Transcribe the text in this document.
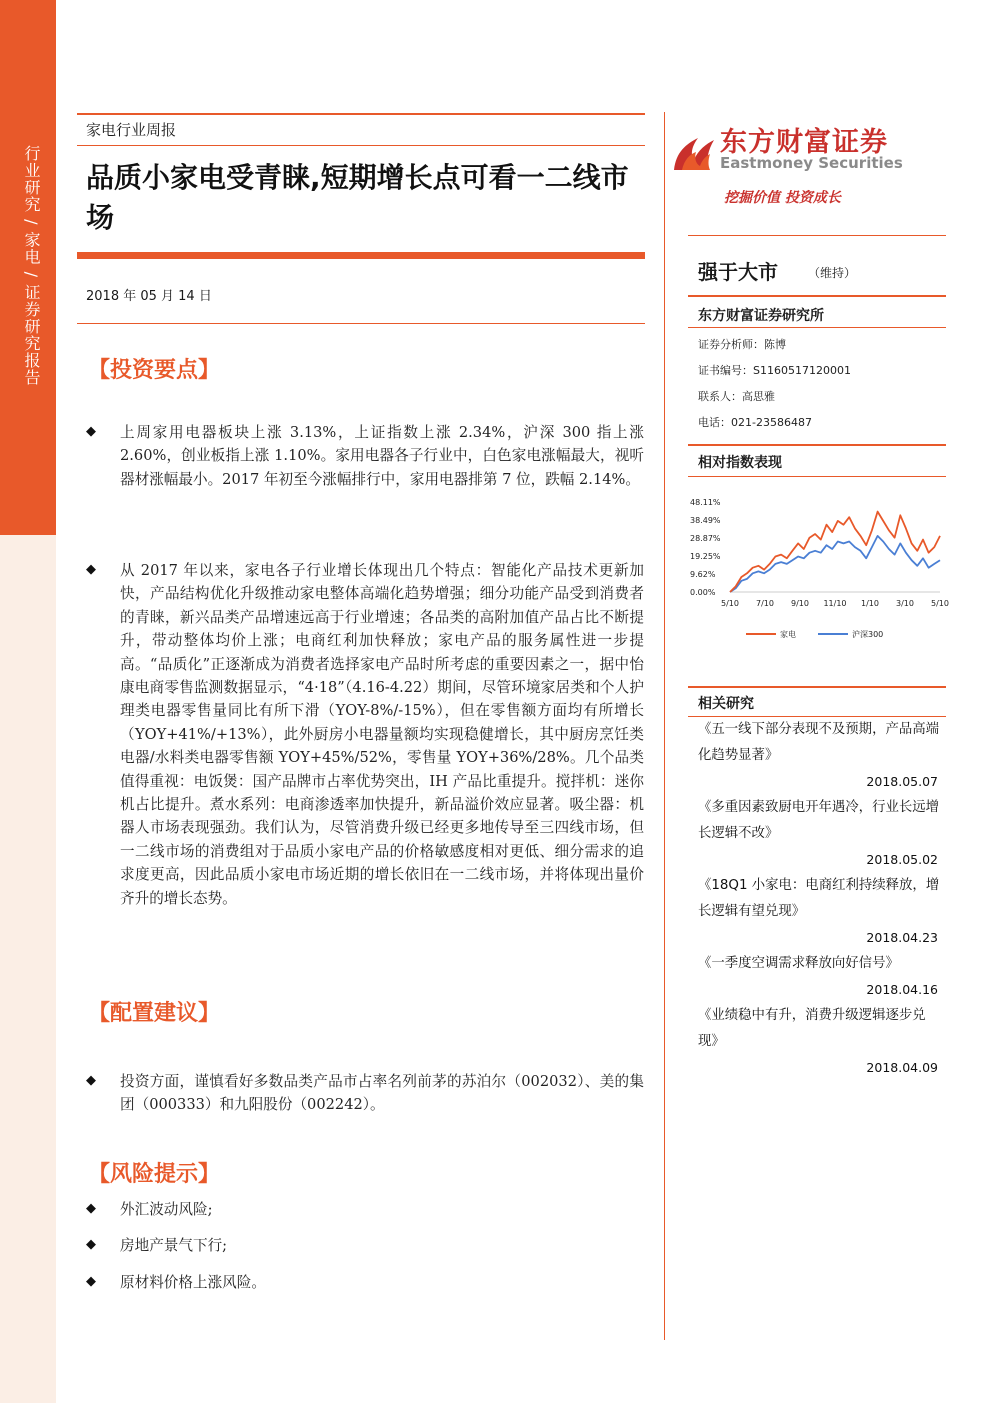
行业研究 / 家电 / 证券研究报告
家电行业周报
品质小家电受青睐,短期增长点可看一二线市场
2018 年 05 月 14 日
【投资要点】
◆ 上周家用电器板块上涨 3.13%，上证指数上涨 2.34%，沪深 300 指上涨 2.60%，创业板指上涨 1.10%。家用电器各子行业中，白色家电涨幅最大，视听器材涨幅最小。2017 年初至今涨幅排行中，家用电器排第 7 位，跌幅 2.14%。
◆ 从 2017 年以来，家电各子行业增长体现出几个特点：智能化产品技术更新加快，产品结构优化升级推动家电整体高端化趋势增强；细分功能产品受到消费者的青睐，新兴品类产品增速远高于行业增速；各品类的高附加值产品占比不断提升，带动整体均价上涨；电商红利加快释放；家电产品的服务属性进一步提高。“品质化”正逐渐成为消费者选择家电产品时所考虑的重要因素之一，据中怡康电商零售监测数据显示，“4·18”（4.16-4.22）期间，尽管环境家居类和个人护理类电器零售量同比有所下滑（YOY-8%/-15%），但在零售额方面均有所增长（YOY+41%/+13%），此外厨房小电器量额均实现稳健增长，其中厨房烹饪类电器/水料类电器零售额 YOY+45%/52%，零售量 YOY+36%/28%。几个品类值得重视：电饭煲：国产品牌市占率优势突出，IH 产品比重提升。搅拌机：迷你机占比提升。煮水系列：电商渗透率加快提升，新品溢价效应显著。吸尘器：机器人市场表现强劲。我们认为，尽管消费升级已经更多地传导至三四线市场，但一二线市场的消费组对于品质小家电产品的价格敏感度相对更低、细分需求的追求度更高，因此品质小家电市场近期的增长依旧在一二线市场，并将体现出量价齐升的增长态势。
【配置建议】
◆ 投资方面，谨慎看好多数品类产品市占率名列前茅的苏泊尔（002032）、美的集团（000333）和九阳股份（002242）。
【风险提示】
◆ 外汇波动风险;
◆ 房地产景气下行;
◆ 原材料价格上涨风险。
东方财富证券
Eastmoney Securities
挖掘价值 投资成长
强于大市	（维持）
东方财富证券研究所
证券分析师：陈博
证书编号：S1160517120001
联系人：高思雅
电话：021-23586487
相对指数表现
48.11%
38.49%
28.87%
19.25%
9.62%
0.00%
5/10 7/10 9/10 11/10 1/10 3/10 5/10
家电	沪深300
相关研究
《五一线下部分表现不及预期，产品高端化趋势显著》
2018.05.07
《多重因素致厨电开年遇冷，行业长远增长逻辑不改》
2018.05.02
《18Q1 小家电：电商红利持续释放，增长逻辑有望兑现》
2018.04.23
《一季度空调需求释放向好信号》
2018.04.16
《业绩稳中有升，消费升级逻辑逐步兑现》
2018.04.09
